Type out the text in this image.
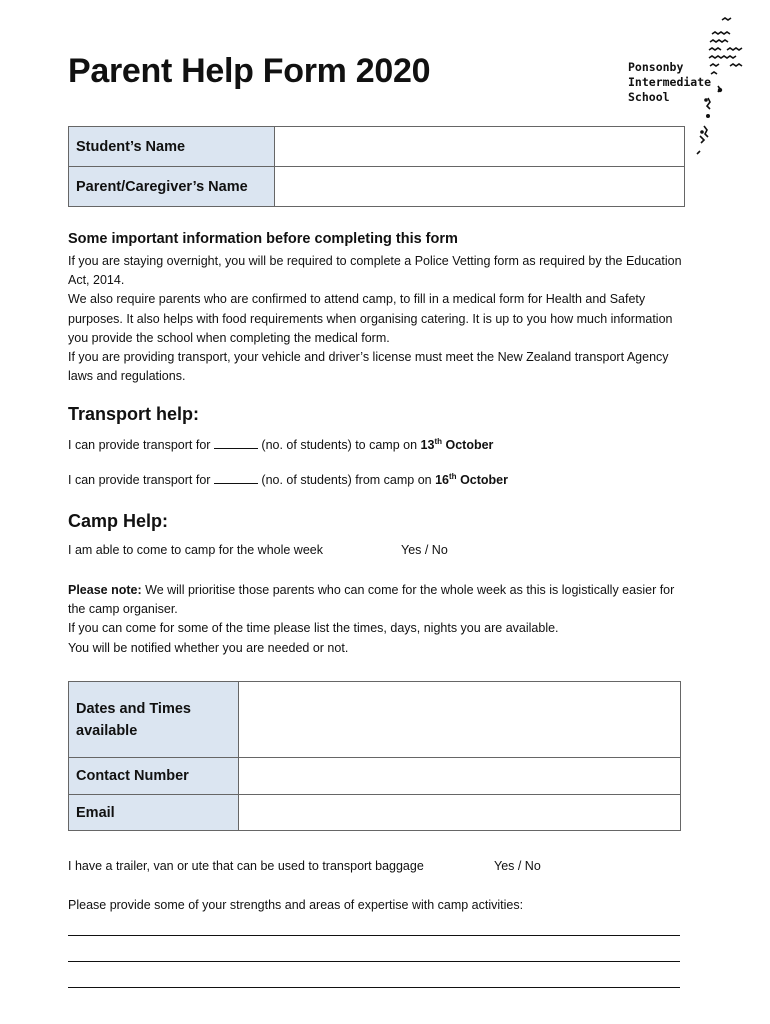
Parent Help Form 2020	Ponsonby
Intermediate
School
Student’s Name	
Parent/Caregiver’s Name	
Some important information before completing this form

If you are staying overnight, you will be required to complete a Police Vetting form as required by the Education Act, 2014.

We also require parents who are confirmed to attend camp, to fill in a medical form for Health and Safety purposes. It also helps with food requirements when organising catering. It is up to you how much information you provide the school when completing the medical form.

If you are providing transport, your vehicle and driver’s license must meet the New Zealand transport Agency laws and regulations.

Transport help:
I can provide transport for	(no. of students) to camp on 13th October
I can provide transport for	(no. of students) from camp on 16th October
Camp Help:
I am able to come to camp for the whole week	Yes / No

Please note: We will prioritise those parents who can come for the whole week as this is logistically easier for the camp organiser.

If you can come for some of the time please list the times, days, nights you are available.

You will be notified whether you are needed or not.

Dates and Times available	
Contact Number	
Email	
I have a trailer, van or ute that can be used to transport baggage	Yes / No
Please provide some of your strengths and areas of expertise with camp activities:
